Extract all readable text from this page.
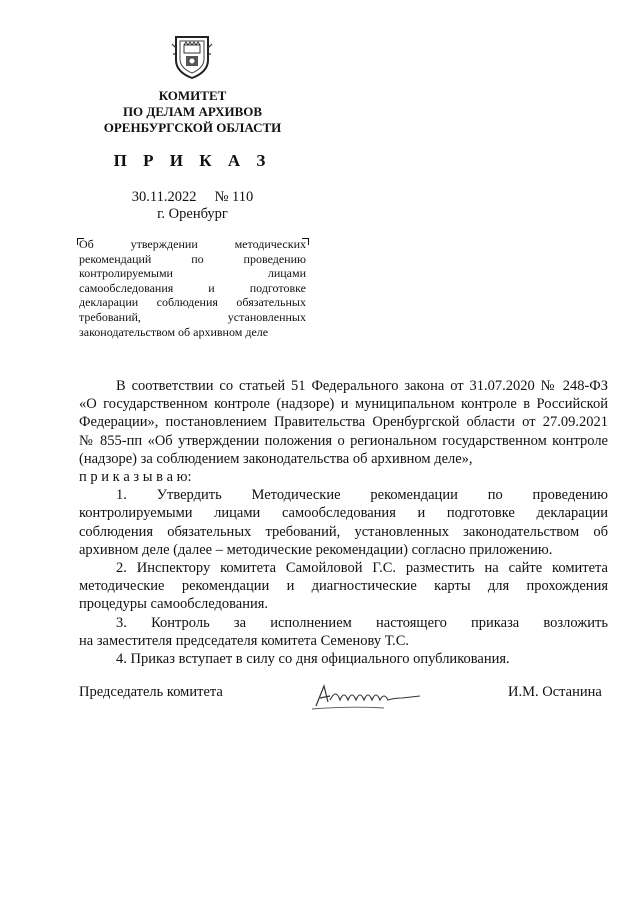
КОМИТЕТ
ПО ДЕЛАМ АРХИВОВ
ОРЕНБУРГСКОЙ ОБЛАСТИ
П Р И К А З
30.11.2022 № 110
г. Оренбург
Об утверждении методических
рекомендаций по проведению
контролируемыми лицами
самообследования и подготовке
декларации соблюдения обязательных
требований, установленных
законодательством об архивном деле
В соответствии со статьей 51 Федерального закона от 31.07.2020 № 248-ФЗ
«О государственном контроле (надзоре) и муниципальном контроле в Российской
Федерации», постановлением Правительства Оренбургской области от 27.09.2021
№ 855-пп «Об утверждении положения о региональном государственном контроле
(надзоре) за соблюдением законодательства об архивном деле»,
п р и к а з ы в а ю:
1. Утвердить Методические рекомендации по проведению
контролируемыми лицами самообследования и подготовке декларации
соблюдения обязательных требований, установленных законодательством об
архивном деле (далее – методические рекомендации) согласно приложению.
2. Инспектору комитета Самойловой Г.С. разместить на сайте комитета
методические рекомендации и диагностические карты для прохождения
процедуры самообследования.
3. Контроль за исполнением настоящего приказа возложить
на заместителя председателя комитета Семенову Т.С.
4. Приказ вступает в силу со дня официального опубликования.
Председатель комитета	И.М. Останина
